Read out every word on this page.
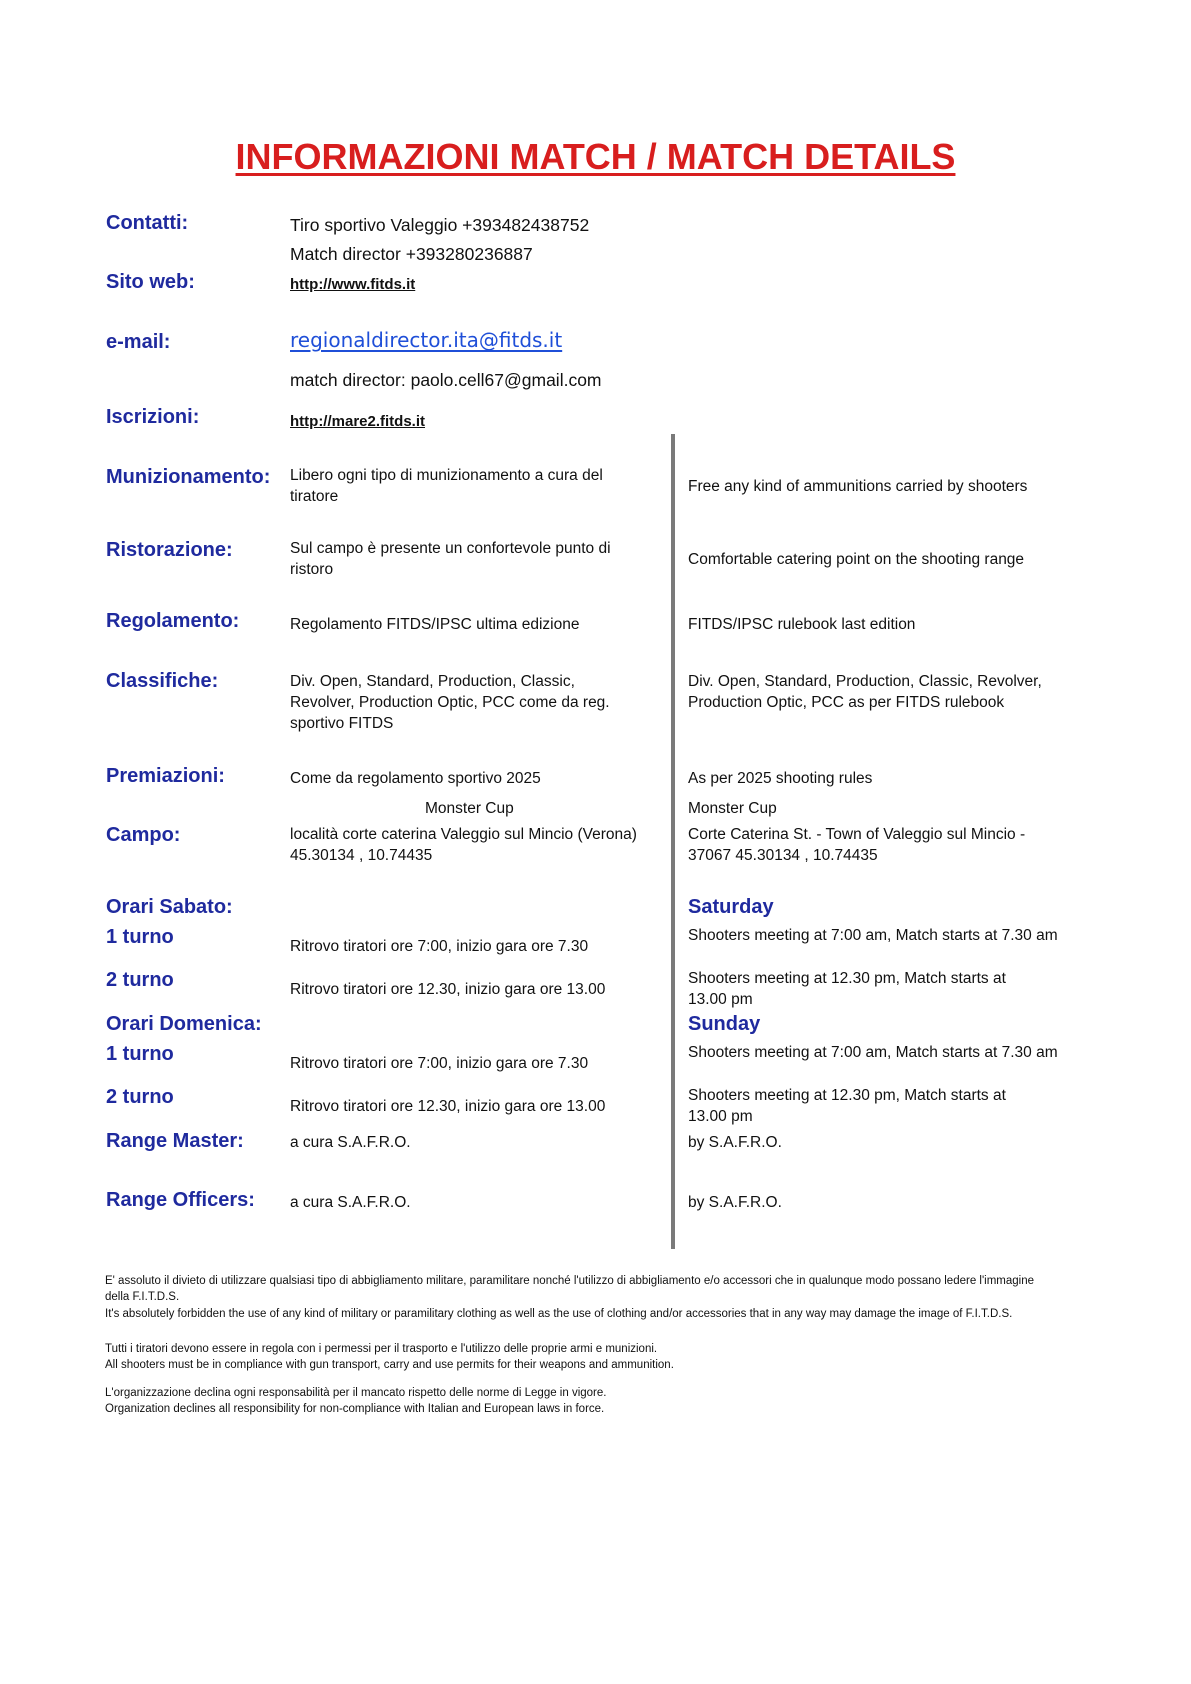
INFORMAZIONI MATCH / MATCH DETAILS
Contatti:	Tiro sportivo Valeggio +393482438752
Match director +393280236887
Sito web:	http://www.fitds.it
e-mail:	regionaldirector.ita@fitds.it
match director: paolo.cell67@gmail.com
Iscrizioni:	http://mare2.fitds.it
Munizionamento: Libero ogni tipo di munizionamento a cura del tiratore
Free any kind of ammunitions carried by shooters
Ristorazione:	Sul campo è presente un confortevole punto di ristoro
Comfortable catering point on the shooting range
Regolamento:	Regolamento FITDS/IPSC ultima edizione	FITDS/IPSC rulebook last edition
Classifiche:	Div. Open, Standard, Production, Classic, Revolver, Production Optic, PCC come da reg. sportivo FITDS
Div. Open, Standard, Production, Classic, Revolver, Production Optic, PCC as per FITDS rulebook
Premiazioni:	Come da regolamento sportivo 2025	As per 2025 shooting rules
Monster Cup	Monster Cup
Campo:	località corte caterina Valeggio sul Mincio (Verona) 45.30134 , 10.74435
Corte Caterina St. - Town of Valeggio sul Mincio - 37067 45.30134 , 10.74435
Orari Sabato:	Saturday
1 turno	Ritrovo tiratori ore 7:00, inizio gara ore 7.30
Shooters meeting at 7:00 am, Match starts at 7.30 am
2 turno	Ritrovo tiratori ore 12.30, inizio gara ore 13.00
Shooters meeting at 12.30 pm, Match starts at 13.00 pm
Orari Domenica:	Sunday
1 turno	Ritrovo tiratori ore 7:00, inizio gara ore 7.30
Shooters meeting at 7:00 am, Match starts at 7.30 am
2 turno	Ritrovo tiratori ore 12.30, inizio gara ore 13.00
Shooters meeting at 12.30 pm, Match starts at 13.00 pm
Range Master:	a cura S.A.F.R.O.	by S.A.F.R.O.
Range Officers: a cura S.A.F.R.O.	by S.A.F.R.O.
E' assoluto il divieto di utilizzare qualsiasi tipo di abbigliamento militare, paramilitare nonché l'utilizzo di abbigliamento e/o accessori che in qualunque modo possano ledere l'immagine della F.I.T.D.S.
It's absolutely forbidden the use of any kind of military or paramilitary clothing as well as the use of clothing and/or accessories that in any way may damage the image of F.I.T.D.S.
Tutti i tiratori devono essere in regola con i permessi per il trasporto e l'utilizzo delle proprie armi e munizioni.
All shooters must be in compliance with gun transport, carry and use permits for their weapons and ammunition.
L'organizzazione declina ogni responsabilità per il mancato rispetto delle norme di Legge in vigore.
Organization declines all responsibility for non-compliance with Italian and European laws in force.
